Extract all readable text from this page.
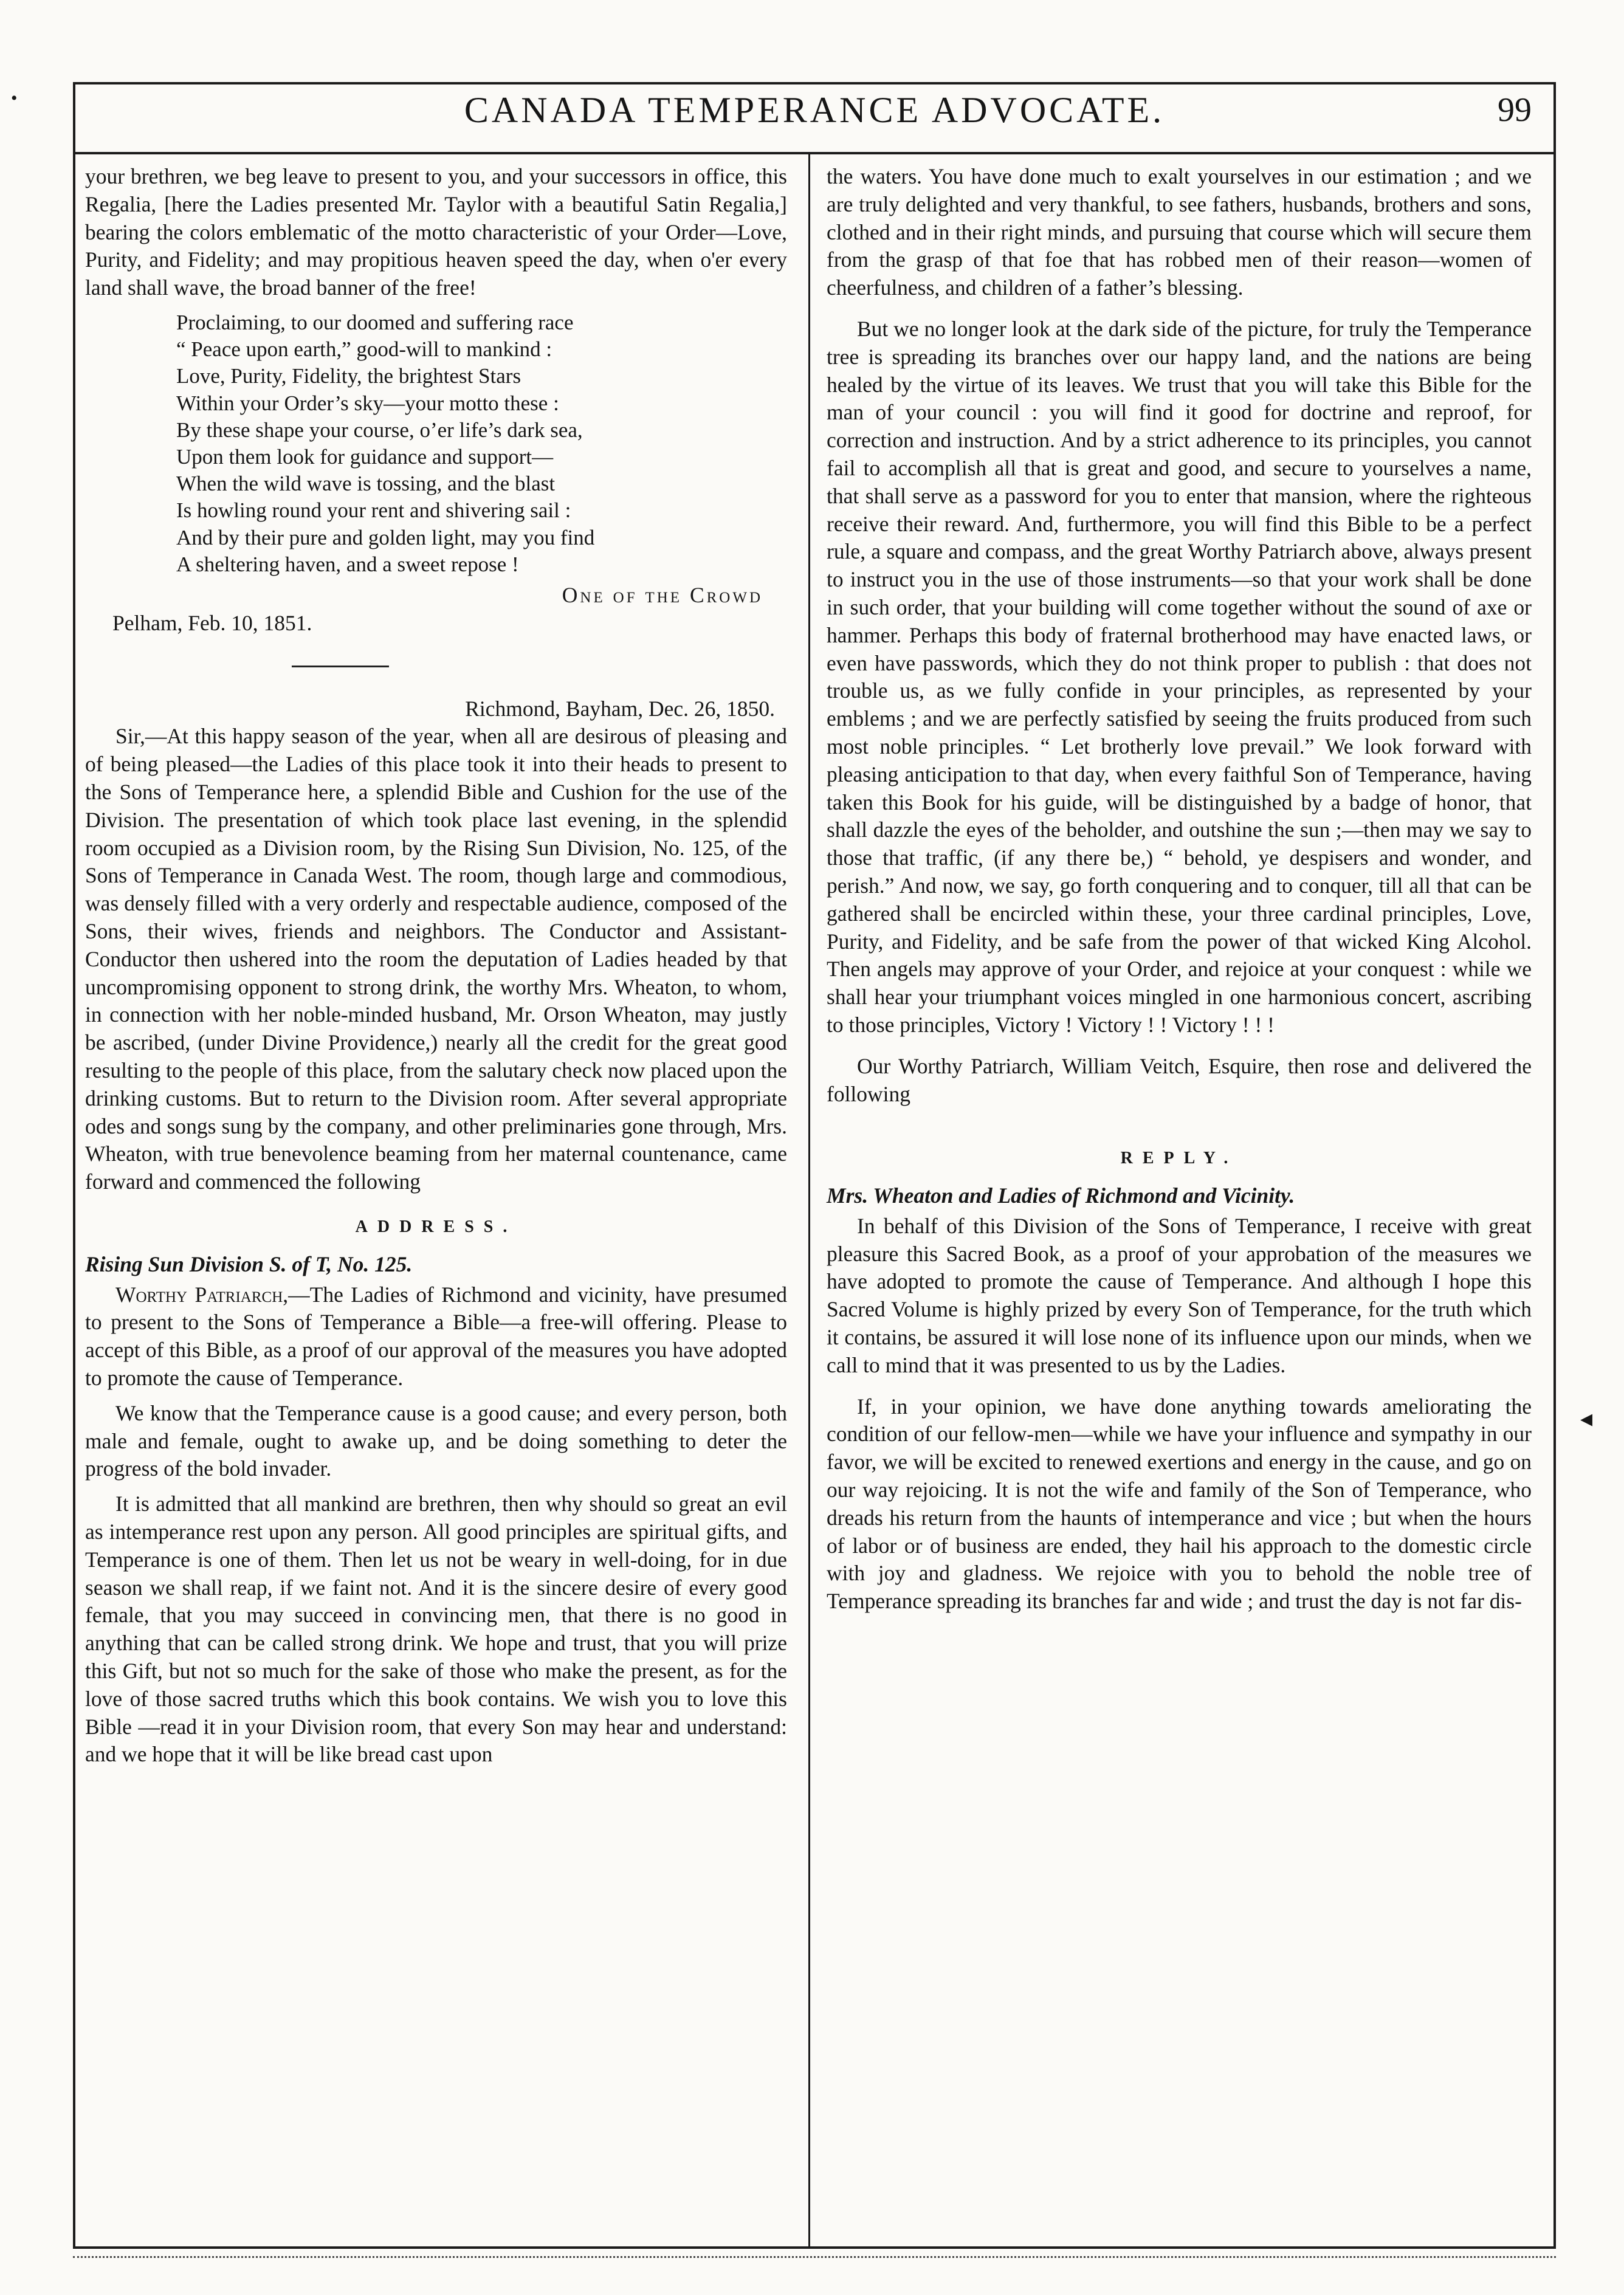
•	CANADA TEMPERANCE ADVOCATE.	99

your brethren, we beg leave to present to you, and your successors in office, this Regalia, [here the Ladies presented Mr. Taylor with a beautiful Satin Regalia,] bearing the colors emblematic of the motto characteristic of your Order—Love, Purity, and Fidelity; and may propitious heaven speed the day, when o'er every land shall wave, the broad banner of the free!

Proclaiming, to our doomed and suffering race
“ Peace upon earth,” good-will to mankind :
Love, Purity, Fidelity, the brightest Stars
Within your Order’s sky—your motto these :
By these shape your course, o’er life’s dark sea,
Upon them look for guidance and support—
When the wild wave is tossing, and the blast
Is howling round your rent and shivering sail :
And by their pure and golden light, may you find
A sheltering haven, and a sweet repose !
One of the Crowd
Pelham, Feb. 10, 1851.
Richmond, Bayham, Dec. 26, 1850.

Sir,—At this happy season of the year, when all are desirous of pleasing and of being pleased—the Ladies of this place took it into their heads to present to the Sons of Temperance here, a splendid Bible and Cushion for the use of the Division. The presentation of which took place last evening, in the splendid room occupied as a Division room, by the Rising Sun Division, No. 125, of the Sons of Temperance in Canada West. The room, though large and commodious, was densely filled with a very orderly and respectable audience, composed of the Sons, their wives, friends and neighbors. The Conductor and Assistant-Conductor then ushered into the room the deputation of Ladies headed by that uncompromising opponent to strong drink, the worthy Mrs. Wheaton, to whom, in connection with her noble-minded husband, Mr. Orson Wheaton, may justly be ascribed, (under Divine Providence,) nearly all the credit for the great good resulting to the people of this place, from the salutary check now placed upon the drinking customs. But to return to the Division room. After several appropriate odes and songs sung by the company, and other preliminaries gone through, Mrs. Wheaton, with true benevolence beaming from her maternal countenance, came forward and commenced the following

ADDRESS.
Rising Sun Division S. of T, No. 125.

Worthy Patriarch,—The Ladies of Richmond and vicinity, have presumed to present to the Sons of Temperance a Bible—a free-will offering. Please to accept of this Bible, as a proof of our approval of the measures you have adopted to promote the cause of Temperance.

We know that the Temperance cause is a good cause; and every person, both male and female, ought to awake up, and be doing something to deter the progress of the bold invader.

It is admitted that all mankind are brethren, then why should so great an evil as intemperance rest upon any person. All good principles are spiritual gifts, and Temperance is one of them. Then let us not be weary in well-doing, for in due season we shall reap, if we faint not. And it is the sincere desire of every good female, that you may succeed in convincing men, that there is no good in anything that can be called strong drink. We hope and trust, that you will prize this Gift, but not so much for the sake of those who make the present, as for the love of those sacred truths which this book contains. We wish you to love this Bible —read it in your Division room, that every Son may hear and understand: and we hope that it will be like bread cast upon

the waters. You have done much to exalt yourselves in our estimation ; and we are truly delighted and very thankful, to see fathers, husbands, brothers and sons, clothed and in their right minds, and pursuing that course which will secure them from the grasp of that foe that has robbed men of their reason—women of cheerfulness, and children of a father’s blessing.

But we no longer look at the dark side of the picture, for truly the Temperance tree is spreading its branches over our happy land, and the nations are being healed by the virtue of its leaves. We trust that you will take this Bible for the man of your council : you will find it good for doctrine and reproof, for correction and instruction. And by a strict adherence to its principles, you cannot fail to accomplish all that is great and good, and secure to yourselves a name, that shall serve as a password for you to enter that mansion, where the righteous receive their reward. And, furthermore, you will find this Bible to be a perfect rule, a square and compass, and the great Worthy Patriarch above, always present to instruct you in the use of those instruments—so that your work shall be done in such order, that your building will come together without the sound of axe or hammer. Perhaps this body of fraternal brotherhood may have enacted laws, or even have passwords, which they do not think proper to publish : that does not trouble us, as we fully confide in your principles, as represented by your emblems ; and we are perfectly satisfied by seeing the fruits produced from such most noble principles. “ Let brotherly love prevail.” We look forward with pleasing anticipation to that day, when every faithful Son of Temperance, having taken this Book for his guide, will be distinguished by a badge of honor, that shall dazzle the eyes of the beholder, and outshine the sun ;—then may we say to those that traffic, (if any there be,) “ behold, ye despisers and wonder, and perish.” And now, we say, go forth conquering and to conquer, till all that can be gathered shall be encircled within these, your three cardinal principles, Love, Purity, and Fidelity, and be safe from the power of that wicked King Alcohol. Then angels may approve of your Order, and rejoice at your conquest : while we shall hear your triumphant voices mingled in one harmonious concert, ascribing to those principles, Victory ! Victory ! ! Victory ! ! !

Our Worthy Patriarch, William Veitch, Esquire, then rose and delivered the following

REPLY.
Mrs. Wheaton and Ladies of Richmond and Vicinity.

In behalf of this Division of the Sons of Temperance, I receive with great pleasure this Sacred Book, as a proof of your approbation of the measures we have adopted to promote the cause of Temperance. And although I hope this Sacred Volume is highly prized by every Son of Temperance, for the truth which it contains, be assured it will lose none of its influence upon our minds, when we call to mind that it was presented to us by the Ladies.

If, in your opinion, we have done anything towards ameliorating the condition of our fellow-men—while we have your influence and sympathy in our favor, we will be excited to renewed exertions and energy in the cause, and go on our way rejoicing. It is not the wife and family of the Son of Temperance, who dreads his return from the haunts of intemperance and vice ; but when the hours of labor or of business are ended, they hail his approach to the domestic circle with joy and gladness. We rejoice with you to behold the noble tree of Temperance spreading its branches far and wide ; and trust the day is not far dis-

◂
